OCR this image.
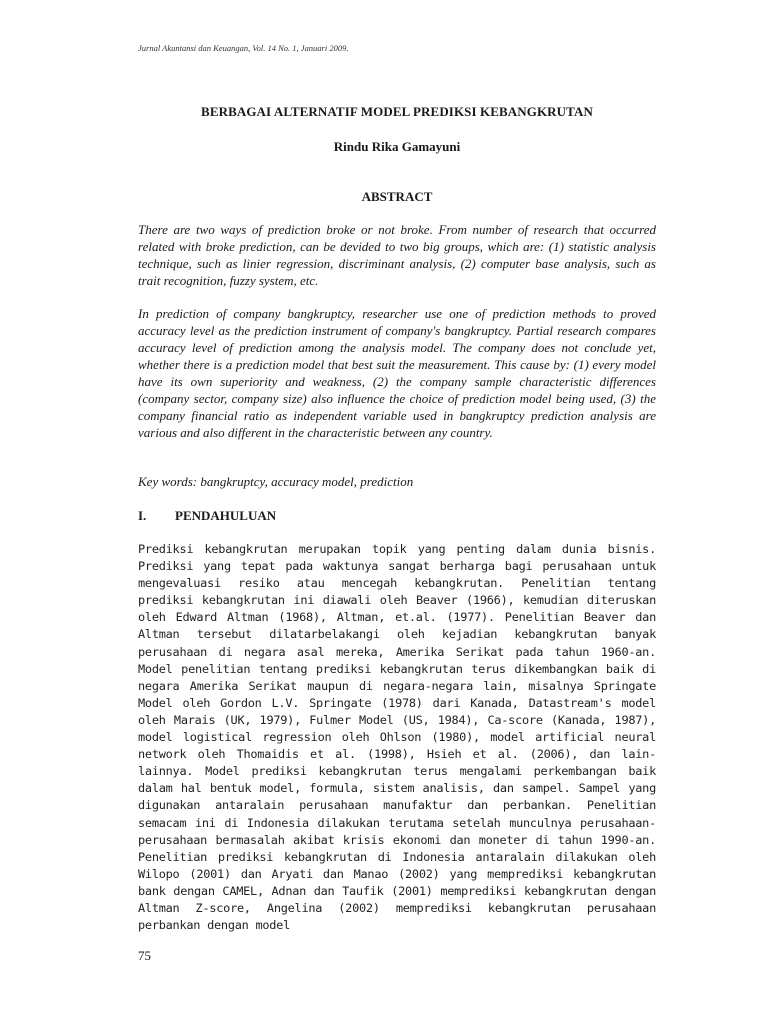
Jurnal Akuntansi dan Keuangan, Vol. 14 No. 1, Januari 2009.
BERBAGAI ALTERNATIF MODEL PREDIKSI KEBANGKRUTAN
Rindu Rika Gamayuni
ABSTRACT

There are two ways of prediction broke or not broke. From number of research that occurred related with broke prediction, can be devided to two big groups, which are: (1) statistic analysis technique, such as linier regression, discriminant analysis, (2) computer base analysis, such as trait recognition, fuzzy system, etc.

In prediction of company bangkruptcy, researcher use one of prediction methods to proved accuracy level as the prediction instrument of company's bangkruptcy. Partial research compares accuracy level of prediction among the analysis model. The company does not conclude yet, whether there is a prediction model that best suit the measurement. This cause by: (1) every model have its own superiority and weakness, (2) the company sample characteristic differences (company sector, company size) also influence the choice of prediction model being used, (3) the company financial ratio as independent variable used in bangkruptcy prediction analysis are various and also different in the characteristic between any country.

Key words: bangkruptcy, accuracy model, prediction
I. PENDAHULUAN

Prediksi kebangkrutan merupakan topik yang penting dalam dunia bisnis. Prediksi yang tepat pada waktunya sangat berharga bagi perusahaan untuk mengevaluasi resiko atau mencegah kebangkrutan. Penelitian tentang prediksi kebangkrutan ini diawali oleh Beaver (1966), kemudian diteruskan oleh Edward Altman (1968), Altman, et.al. (1977). Penelitian Beaver dan Altman tersebut dilatarbelakangi oleh kejadian kebangkrutan banyak perusahaan di negara asal mereka, Amerika Serikat pada tahun 1960-an. Model penelitian tentang prediksi kebangkrutan terus dikembangkan baik di negara Amerika Serikat maupun di negara-negara lain, misalnya Springate Model oleh Gordon L.V. Springate (1978) dari Kanada, Datastream's model oleh Marais (UK, 1979), Fulmer Model (US, 1984), Ca-score (Kanada, 1987), model logistical regression oleh Ohlson (1980), model artificial neural network oleh Thomaidis et al. (1998), Hsieh et al. (2006), dan lain-lainnya. Model prediksi kebangkrutan terus mengalami perkembangan baik dalam hal bentuk model, formula, sistem analisis, dan sampel. Sampel yang digunakan antaralain perusahaan manufaktur dan perbankan. Penelitian semacam ini di Indonesia dilakukan terutama setelah munculnya perusahaan-perusahaan bermasalah akibat krisis ekonomi dan moneter di tahun 1990-an. Penelitian prediksi kebangkrutan di Indonesia antaralain dilakukan oleh Wilopo (2001) dan Aryati dan Manao (2002) yang memprediksi kebangkrutan bank dengan CAMEL, Adnan dan Taufik (2001) memprediksi kebangkrutan dengan Altman Z-score, Angelina (2002) memprediksi kebangkrutan perusahaan perbankan dengan model

75
